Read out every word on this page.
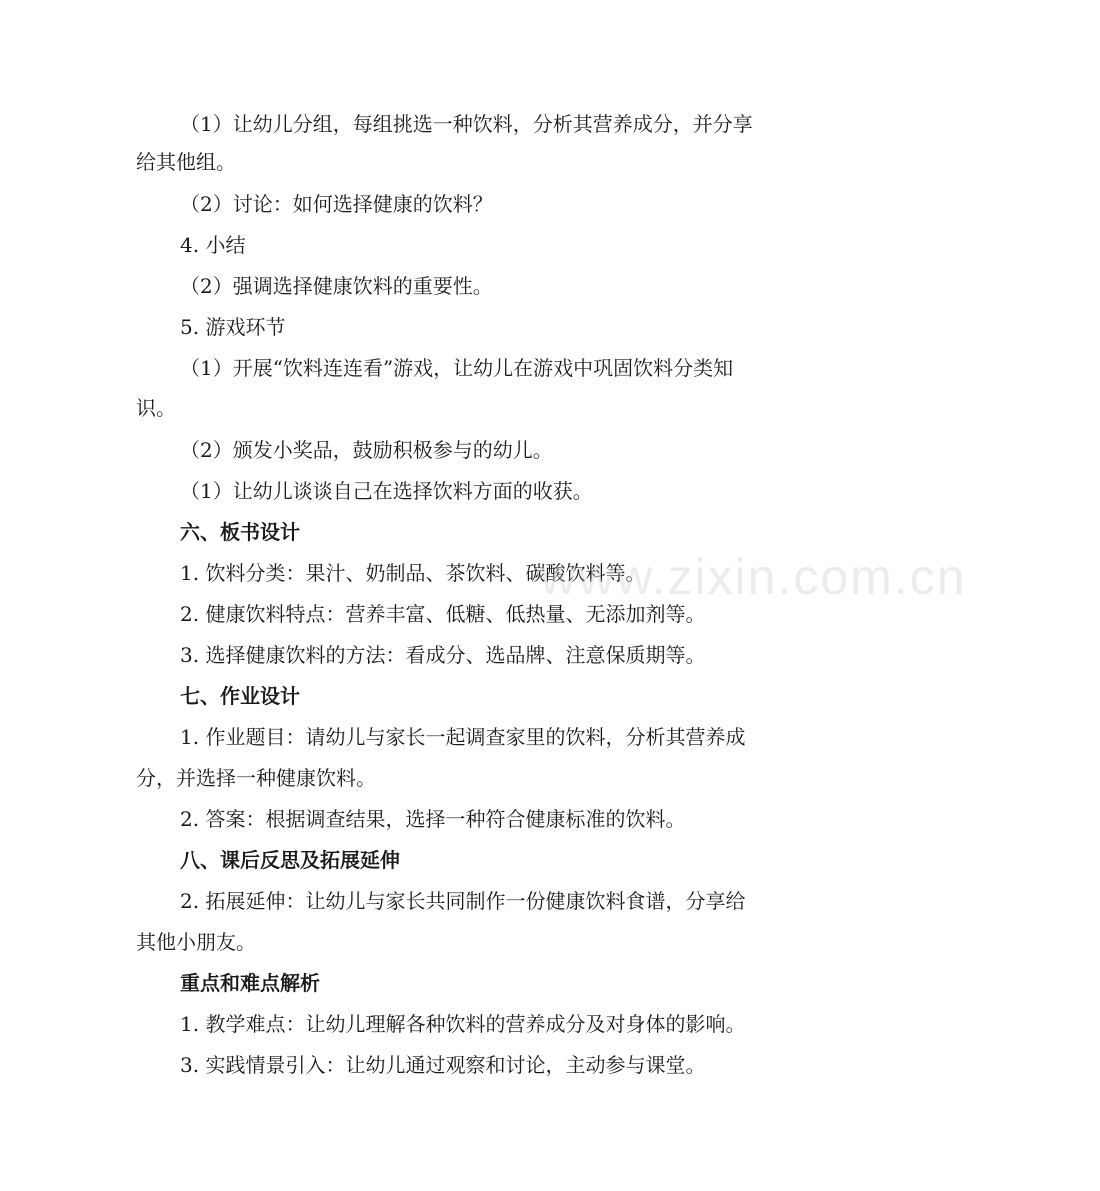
（1）让幼儿分组，每组挑选一种饮料，分析其营养成分，并分享
给其他组。
（2）讨论：如何选择健康的饮料？
4. 小结
（2）强调选择健康饮料的重要性。
5. 游戏环节
（1）开展“饮料连连看”游戏，让幼儿在游戏中巩固饮料分类知
识。
（2）颁发小奖品，鼓励积极参与的幼儿。
（1）让幼儿谈谈自己在选择饮料方面的收获。
六、板书设计
1. 饮料分类：果汁、奶制品、茶饮料、碳酸饮料等。
2. 健康饮料特点：营养丰富、低糖、低热量、无添加剂等。
3. 选择健康饮料的方法：看成分、选品牌、注意保质期等。
七、作业设计
1. 作业题目：请幼儿与家长一起调查家里的饮料，分析其营养成
分，并选择一种健康饮料。
2. 答案：根据调查结果，选择一种符合健康标准的饮料。
八、课后反思及拓展延伸
2. 拓展延伸：让幼儿与家长共同制作一份健康饮料食谱，分享给
其他小朋友。
重点和难点解析
1. 教学难点：让幼儿理解各种饮料的营养成分及对身体的影响。
3. 实践情景引入：让幼儿通过观察和讨论，主动参与课堂。
www.zixin.com.cn
